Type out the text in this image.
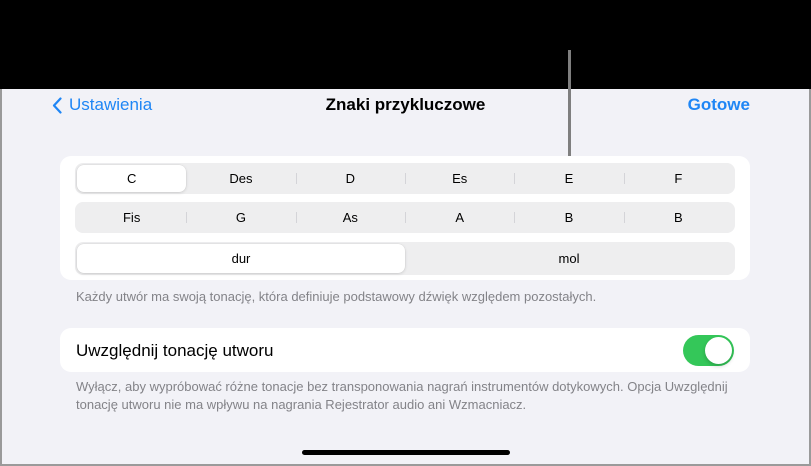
Ustawienia	Znaki przykluczowe	Gotowe
C	Des	D	Es	E	F
Fis	G	As	A	B	B
dur	mol
Każdy utwór ma swoją tonację, która definiuje podstawowy dźwięk względem pozostałych.
Uwzględnij tonację utworu
Wyłącz, aby wypróbować różne tonacje bez transponowania nagrań instrumentów dotykowych. Opcja Uwzględnij tonację utworu nie ma wpływu na nagrania Rejestrator audio ani Wzmacniacz.
